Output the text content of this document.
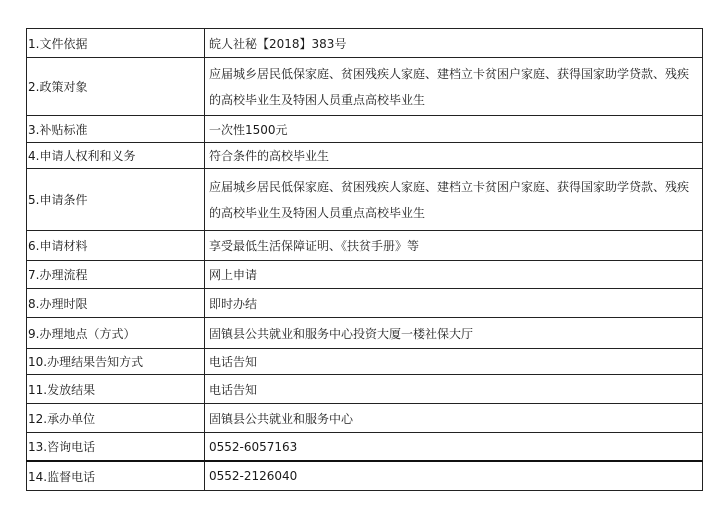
1.文件依据	皖人社秘【2018】383号
2.政策对象	应届城乡居民低保家庭、贫困残疾人家庭、建档立卡贫困户家庭、获得国家助学贷款、残疾的高校毕业生及特困人员重点高校毕业生

3.补贴标准	一次性1500元
4.申请人权利和义务	符合条件的高校毕业生
5.申请条件	应届城乡居民低保家庭、贫困残疾人家庭、建档立卡贫困户家庭、获得国家助学贷款、残疾的高校毕业生及特困人员重点高校毕业生

6.申请材料	享受最低生活保障证明、《扶贫手册》等
7.办理流程	网上申请
8.办理时限	即时办结
9.办理地点（方式）	固镇县公共就业和服务中心投资大厦一楼社保大厅
10.办理结果告知方式	电话告知
11.发放结果	电话告知
12.承办单位	固镇县公共就业和服务中心
13.咨询电话	0552-6057163
14.监督电话	0552-2126040
